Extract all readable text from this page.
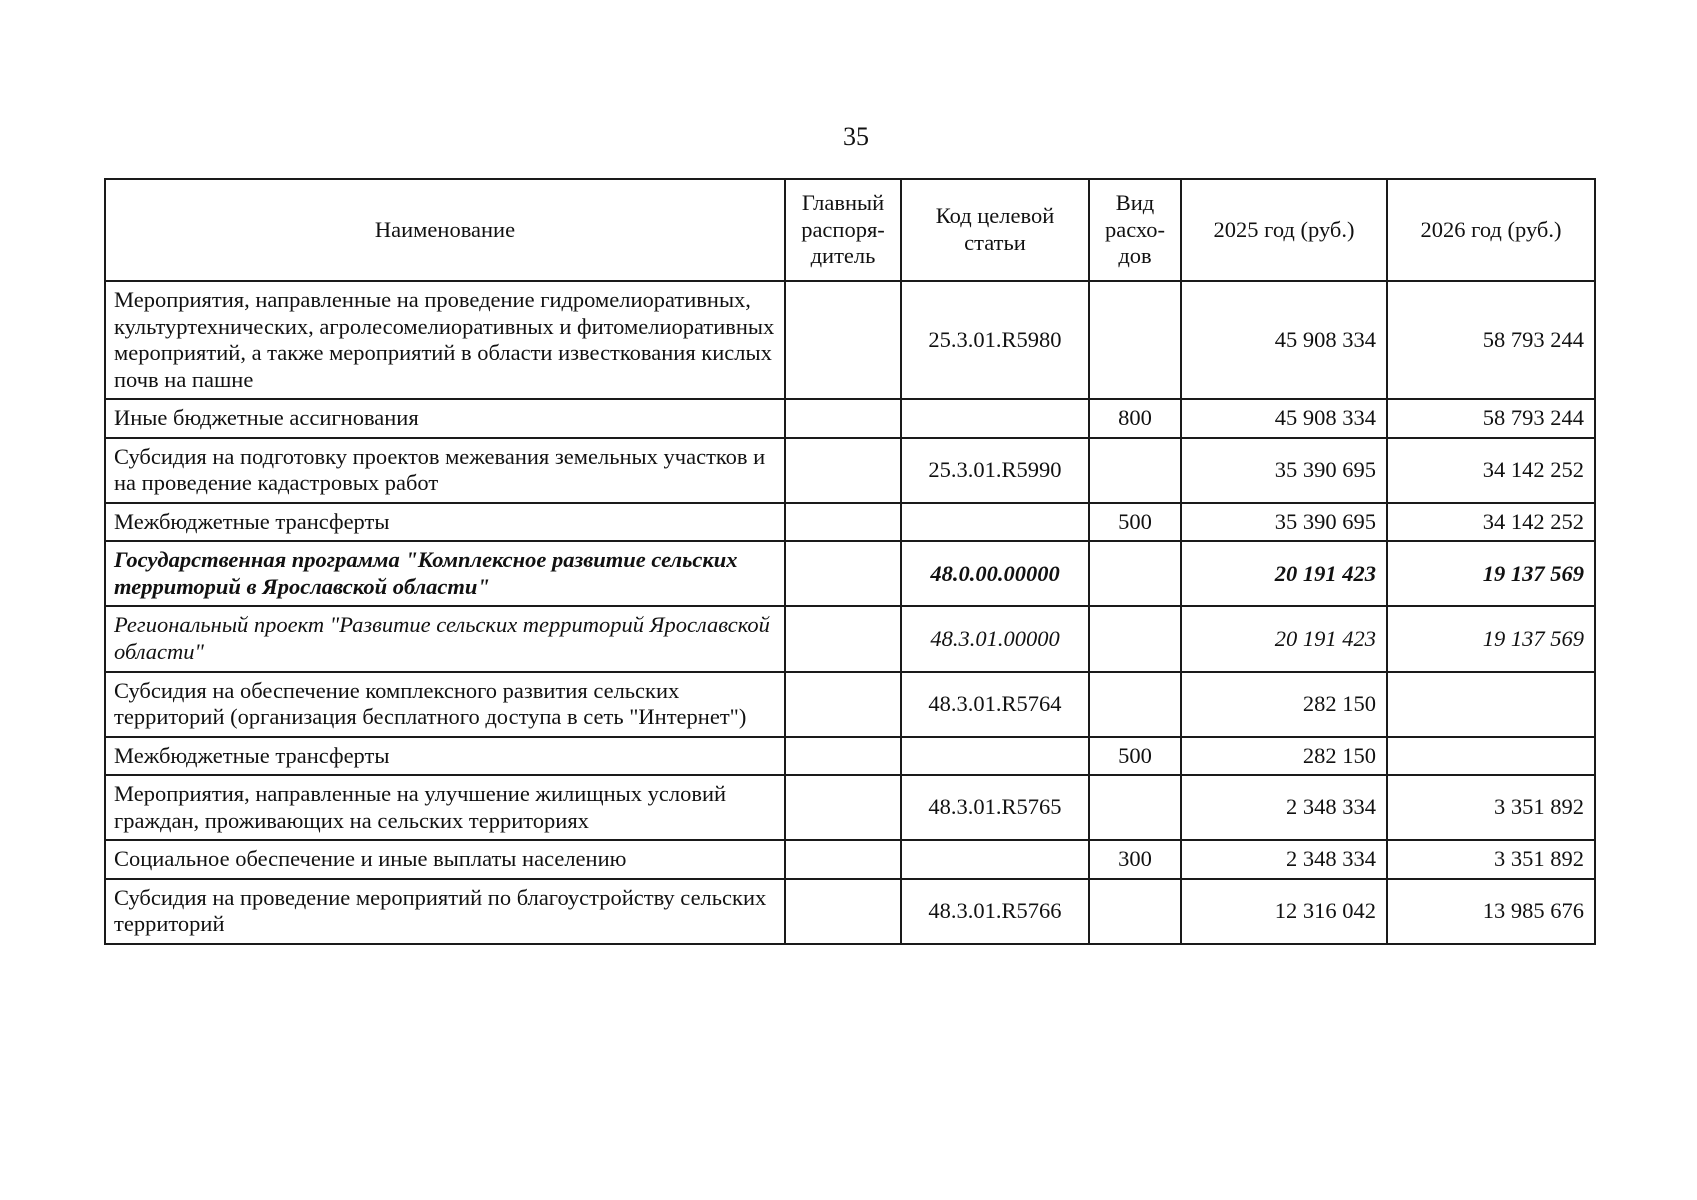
35
Наименование	Главный распоря-дитель	Код целевой статьи	Вид расхо-дов	2025 год (руб.)	2026 год (руб.)
Мероприятия, направленные на проведение гидромелиоративных, культуртехнических, агролесомелиоративных и фитомелиоративных мероприятий, а также мероприятий в области известкования кислых почв на пашне		25.3.01.R5980		45 908 334	58 793 244
Иные бюджетные ассигнования			800	45 908 334	58 793 244
Субсидия на подготовку проектов межевания земельных участков и на проведение кадастровых работ		25.3.01.R5990		35 390 695	34 142 252
Межбюджетные трансферты			500	35 390 695	34 142 252
Государственная программа "Комплексное развитие сельских территорий в Ярославской области"		48.0.00.00000		20 191 423	19 137 569
Региональный проект "Развитие сельских территорий Ярославской области"		48.3.01.00000		20 191 423	19 137 569
Субсидия на обеспечение комплексного развития сельских территорий (организация бесплатного доступа в сеть "Интернет")		48.3.01.R5764		282 150	
Межбюджетные трансферты			500	282 150	
Мероприятия, направленные на улучшение жилищных условий граждан, проживающих на сельских территориях		48.3.01.R5765		2 348 334	3 351 892
Социальное обеспечение и иные выплаты населению			300	2 348 334	3 351 892
Субсидия на проведение мероприятий по благоустройству сельских территорий		48.3.01.R5766		12 316 042	13 985 676
